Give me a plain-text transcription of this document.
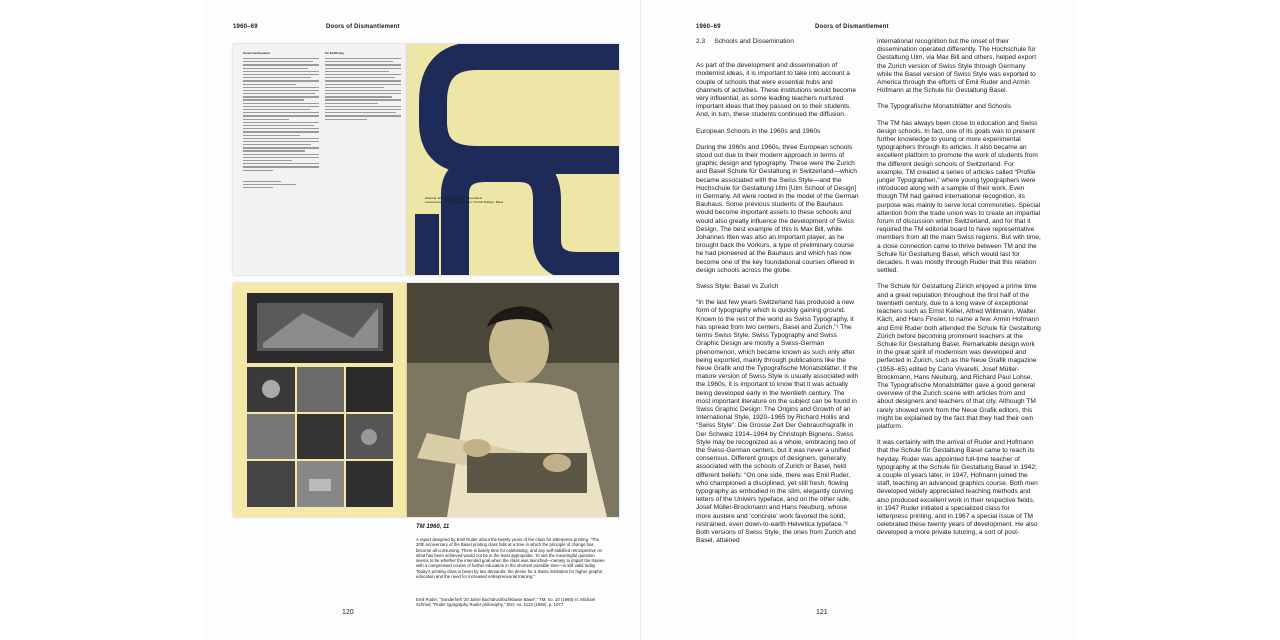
1960–69	Doors of Dismantlement
Gesetzt bei Neueinem	Zur Einführung
Zwanzig Jahre Buchdruckfachklasse Basel
Letterpresspreis und Begegnungen mit Rolf Rüdiger, Basel
TM 1960, 11
A report designed by Emil Ruder about the twenty years of the class for letterpress printing. “The 20th anniversary of the Basel printing class falls at a time in which the principle of change has become all-consuming. There is barely time for celebrating, and any self-satisfied retrospective on what has been achieved would not be in the least appropriate. To see the meaningful question seems to be whether the intended goal when the class was launched—namely to impart the trainee with a compressed course of further education in the shortest possible time—is still valid today. Today’s printing class is beset by two demands: the desire for a Swiss institution for higher graphic education and the need for increased entrepreneurial training.”
Emil Ruder, “Sonderheft ‘20 Jahre Buchdruckfachklasse Basel’,” TM, no. 10 (1960) in: Michael Schmid, “Ruder typography Ruder philosophy,” Zürr, no. 1123 (1960), p. 1077.
120
1960–69	Doors of Dismantlement
2.3 Schools and Dissemination

As part of the development and dissemination of modernist ideas, it is important to take into account a couple of schools that were essential hubs and channels of activities. These institutions would become very influential, as some leading teachers nurtured important ideas that they passed on to their students. And, in turn, these students continued the diffusion.

European Schools in the 1960s and 1960s

During the 1960s and 1960s, three European schools stood out due to their modern approach in terms of graphic design and typography. These were the Zurich and Basel Schule für Gestaltung in Switzerland—which became associated with the Swiss Style—and the Hochschule für Gestaltung Ulm [Ulm School of Design] in Germany. All were rooted in the model of the German Bauhaus. Some previous students of the Bauhaus would become important assets to these schools and would also greatly influence the development of Swiss Design. The best example of this is Max Bill, while Johannes Itten was also an important player, as he brought back the Vorkurs, a type of preliminary course he had pioneered at the Bauhaus and which has now become one of the key foundational courses offered in design schools across the globe.

Swiss Style: Basel vs Zurich

“In the last few years Switzerland has produced a new form of typography which is quickly gaining ground. Known to the rest of the world as Swiss Typography, it has spread from two centers, Basel and Zurich.”¹ The terms Swiss Style, Swiss Typography and Swiss Graphic Design are mostly a Swiss-German phenomenon, which became known as such only after being exported, mainly through publications like the Neue Grafik and the Typografische Monatsblätter. If the mature version of Swiss Style is usually associated with the 1960s, it is important to know that it was actually being developed early in the twentieth century. The most important literature on the subject can be found in Swiss Graphic Design: The Origins and Growth of an International Style, 1920–1965 by Richard Hollis and “Swiss Style”: Die Grosse Zeit Der Gebrauchsgrafik in Der Schweiz 1914–1964 by Christoph Bignens. Swiss Style may be recognized as a whole, embracing two of the Swiss-German centers, but it was never a unified consensus. Different groups of designers, generally associated with the schools of Zurich or Basel, held different beliefs: “On one side, there was Emil Ruder, who championed a disciplined, yet still fresh, flowing typography as embodied in the slim, elegantly curving letters of the Univers typeface, and on the other side, Josef Müller-Brockmann and Hans Neuburg, whose more austere and ‘concrete’ work favored the solid, restrained, even down-to-earth Helvetica typeface.”² Both versions of Swiss Style, the ones from Zurich and Basel, attained

international recognition but the onset of their dissemination operated differently. The Hochschule für Gestaltung Ulm, via Max Bill and others, helped export the Zurich version of Swiss Style through Germany while the Basel version of Swiss Style was exported to America through the efforts of Emil Ruder and Armin Hofmann at the Schule für Gestaltung Basel.

The Typografische Monatsblätter and Schools

The TM has always been close to education and Swiss design schools. In fact, one of its goals was to present further knowledge to young or more experimental typographers through its articles. It also became an excellent platform to promote the work of students from the different design schools of Switzerland. For example, TM created a series of articles called “Profile junger Typographen,” where young typographers were introduced along with a sample of their work. Even though TM had gained international recognition, its purpose was mainly to serve local communities. Special attention from the trade union was to create an impartial forum of discussion within Switzerland, and for that it required the TM editorial board to have representative members from all the main Swiss regions. But with time, a close connection came to thrive between TM and the Schule für Gestaltung Basel, which would last for decades. It was mostly through Ruder that this relation settled.

The Schule für Gestaltung Zürich enjoyed a prime time and a great reputation throughout the first half of the twentieth century, due to a long wave of exceptional teachers such as Ernst Keller, Alfred Willimann, Walter Käch, and Hans Finsler, to name a few. Armin Hofmann and Emil Ruder both attended the Schule für Gestaltung Zürich before becoming prominent teachers at the Schule für Gestaltung Basel. Remarkable design work in the great spirit of modernism was developed and perfected in Zurich, such as the Neue Grafik magazine (1958–65) edited by Carlo Vivarelli, Josef Müller-Brockmann, Hans Neuburg, and Richard Paul Lohse. The Typografische Monatsblätter gave a good general overview of the Zurich scene with articles from and about designers and teachers of that city. Although TM rarely showed work from the Neue Grafik editors, this might be explained by the fact that they had their own platform.

It was certainly with the arrival of Ruder and Hofmann that the Schule für Gestaltung Basel came to reach its heyday. Ruder was appointed full-time teacher of typography at the Schule für Gestaltung Basel in 1942; a couple of years later, in 1947, Hofmann joined the staff, teaching an advanced graphics course. Both men developed widely appreciated teaching methods and also produced excellent work in their respective fields. In 1947 Ruder initiated a specialized class for letterpress printing, and in 1967 a special issue of TM celebrated these twenty years of development. He also developed a more private tutoring, a sort of post-

121
